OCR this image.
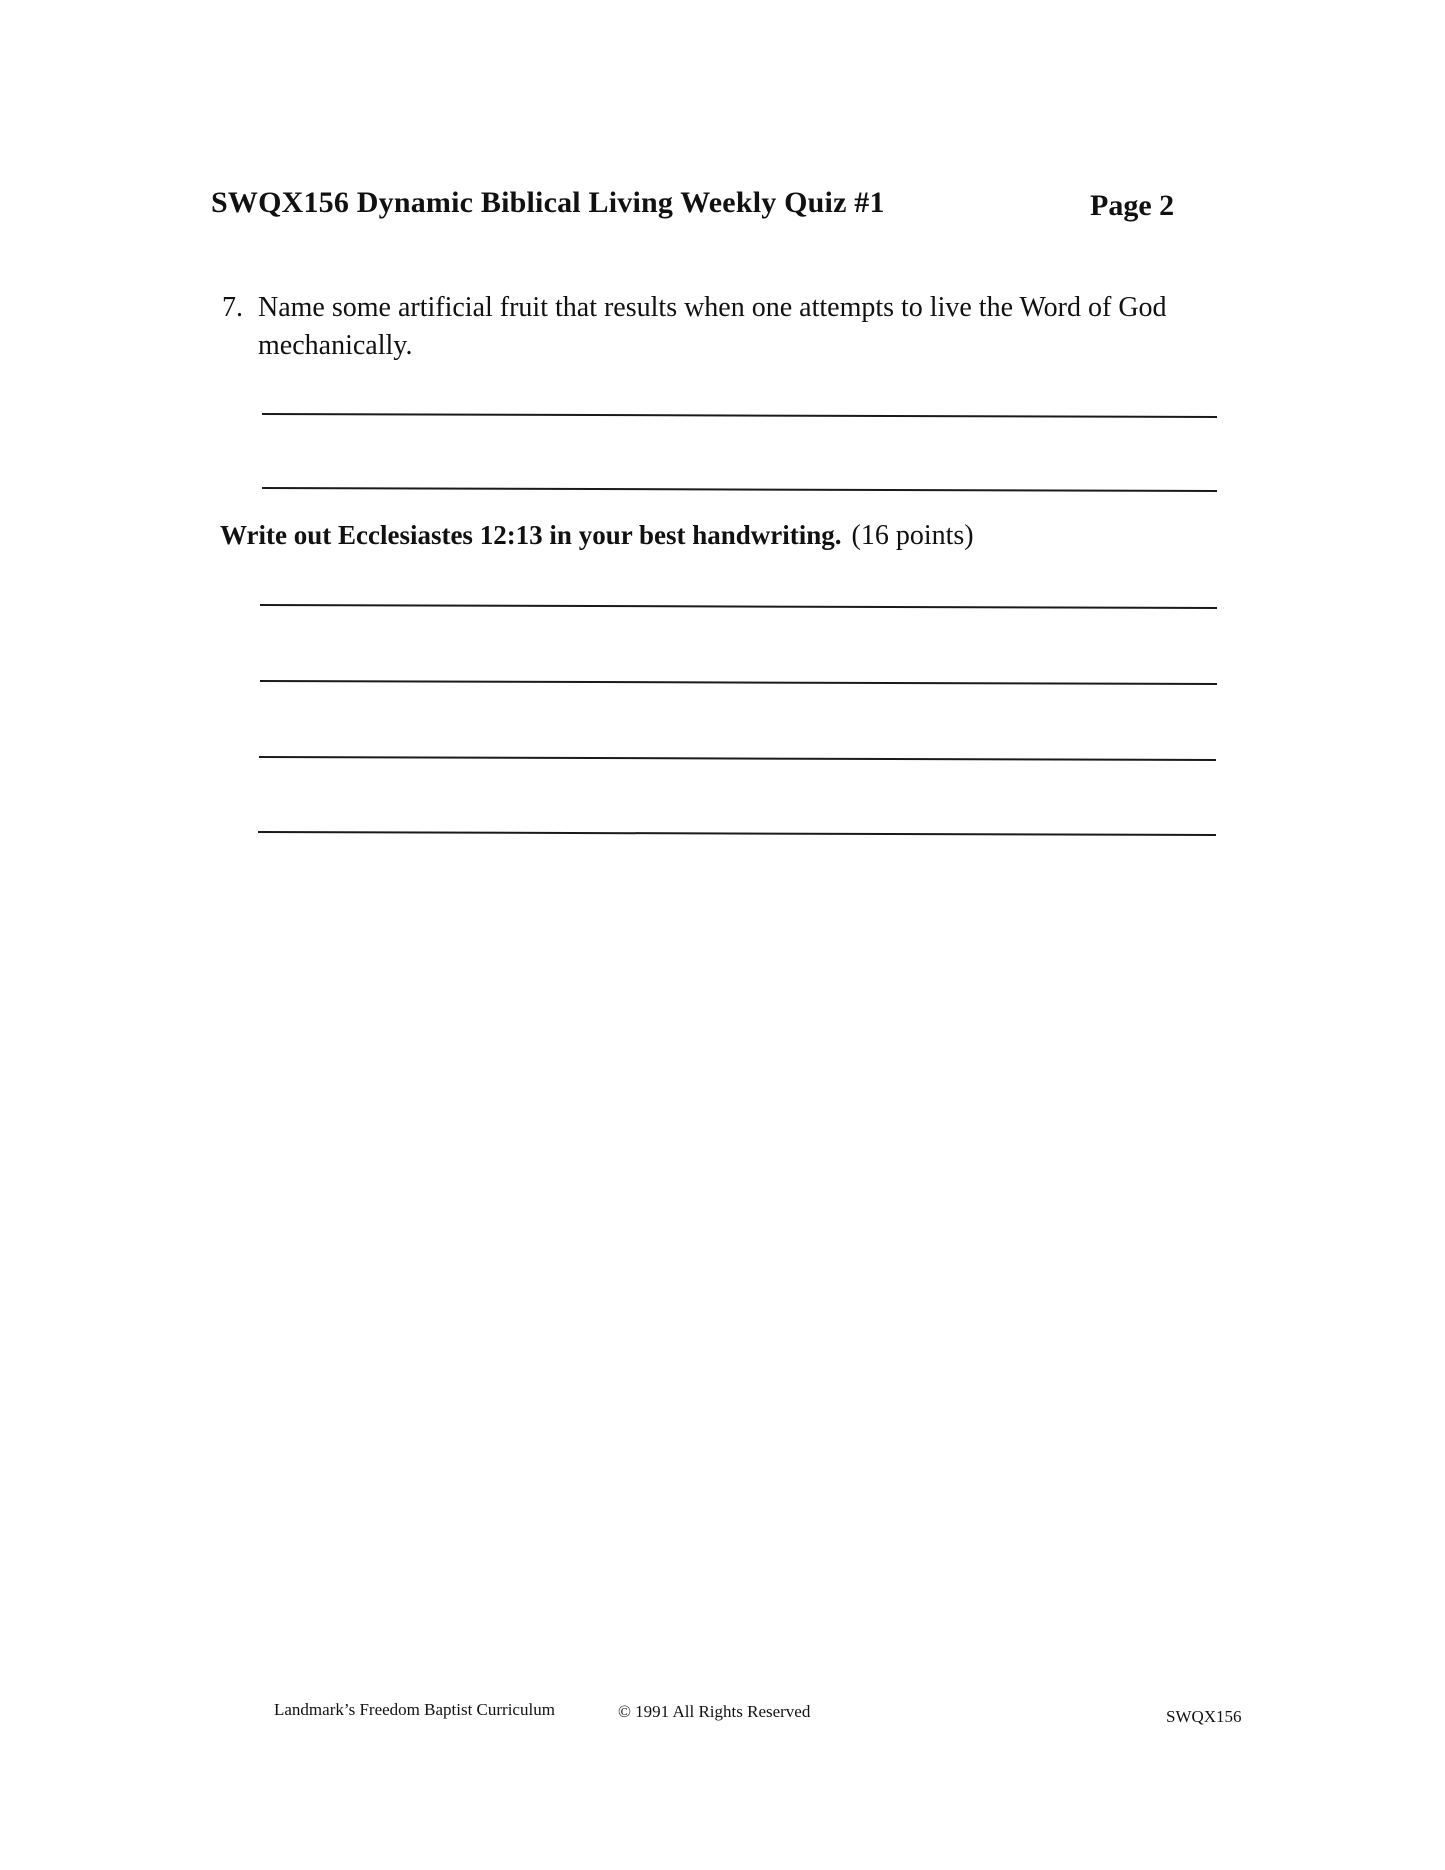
SWQX156 Dynamic Biblical Living Weekly Quiz #1	Page 2
7. Name some artificial fruit that results when one attempts to live the Word of God mechanically.
Write out Ecclesiastes 12:13 in your best handwriting. (16 points)
Landmark’s Freedom Baptist Curriculum	© 1991 All Rights Reserved	SWQX156
